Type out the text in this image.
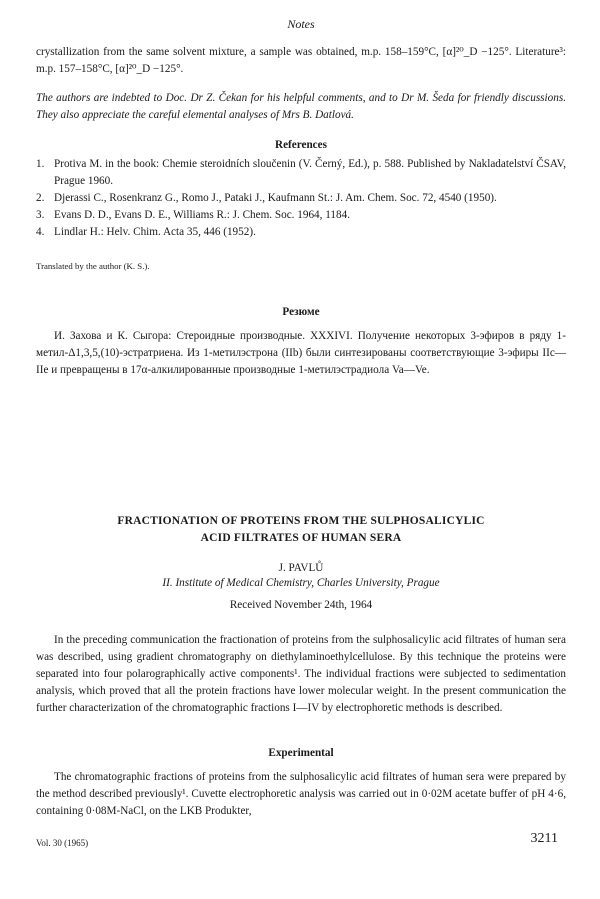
Notes
crystallization from the same solvent mixture, a sample was obtained, m.p. 158–159°C, [α]²⁰_D −125°. Literature³: m.p. 157–158°C, [α]²⁰_D −125°.
The authors are indebted to Doc. Dr Z. Čekan for his helpful comments, and to Dr M. Šeda for friendly discussions. They also appreciate the careful elemental analyses of Mrs B. Datlová.
References
1. Protiva M. in the book: Chemie steroidních sloučenin (V. Černý, Ed.), p. 588. Published by Nakladatelství ČSAV, Prague 1960.
2. Djerassi C., Rosenkranz G., Romo J., Pataki J., Kaufmann St.: J. Am. Chem. Soc. 72, 4540 (1950).
3. Evans D. D., Evans D. E., Williams R.: J. Chem. Soc. 1964, 1184.
4. Lindlar H.: Helv. Chim. Acta 35, 446 (1952).
Translated by the author (K. S.).
Резюме
И. Захова и К. Сыгора: Стероидные производные. XXXIVI. Получение некоторых 3-эфиров в ряду 1-метил-Δ1,3,5,(10)-эстратриена. Из 1-метилэстрона (IIb) были синтезированы соответствующие 3-эфиры IIc—IIe и превращены в 17α-алкилированные производные 1-метилэстрадиола Va—Ve.
FRACTIONATION OF PROTEINS FROM THE SULPHOSALICYLIC
ACID FILTRATES OF HUMAN SERA
J. PAVLŮ
II. Institute of Medical Chemistry, Charles University, Prague
Received November 24th, 1964
In the preceding communication the fractionation of proteins from the sulphosalicylic acid filtrates of human sera was described, using gradient chromatography on diethylaminoethylcellulose. By this technique the proteins were separated into four polarographically active components¹. The individual fractions were subjected to sedimentation analysis, which proved that all the protein fractions have lower molecular weight. In the present communication the further characterization of the chromatographic fractions I—IV by electrophoretic methods is described.
Experimental
The chromatographic fractions of proteins from the sulphosalicylic acid filtrates of human sera were prepared by the method described previously¹. Cuvette electrophoretic analysis was carried out in 0·02M acetate buffer of pH 4·6, containing 0·08M-NaCl, on the LKB Produkter,
Vol. 30 (1965)	3211
